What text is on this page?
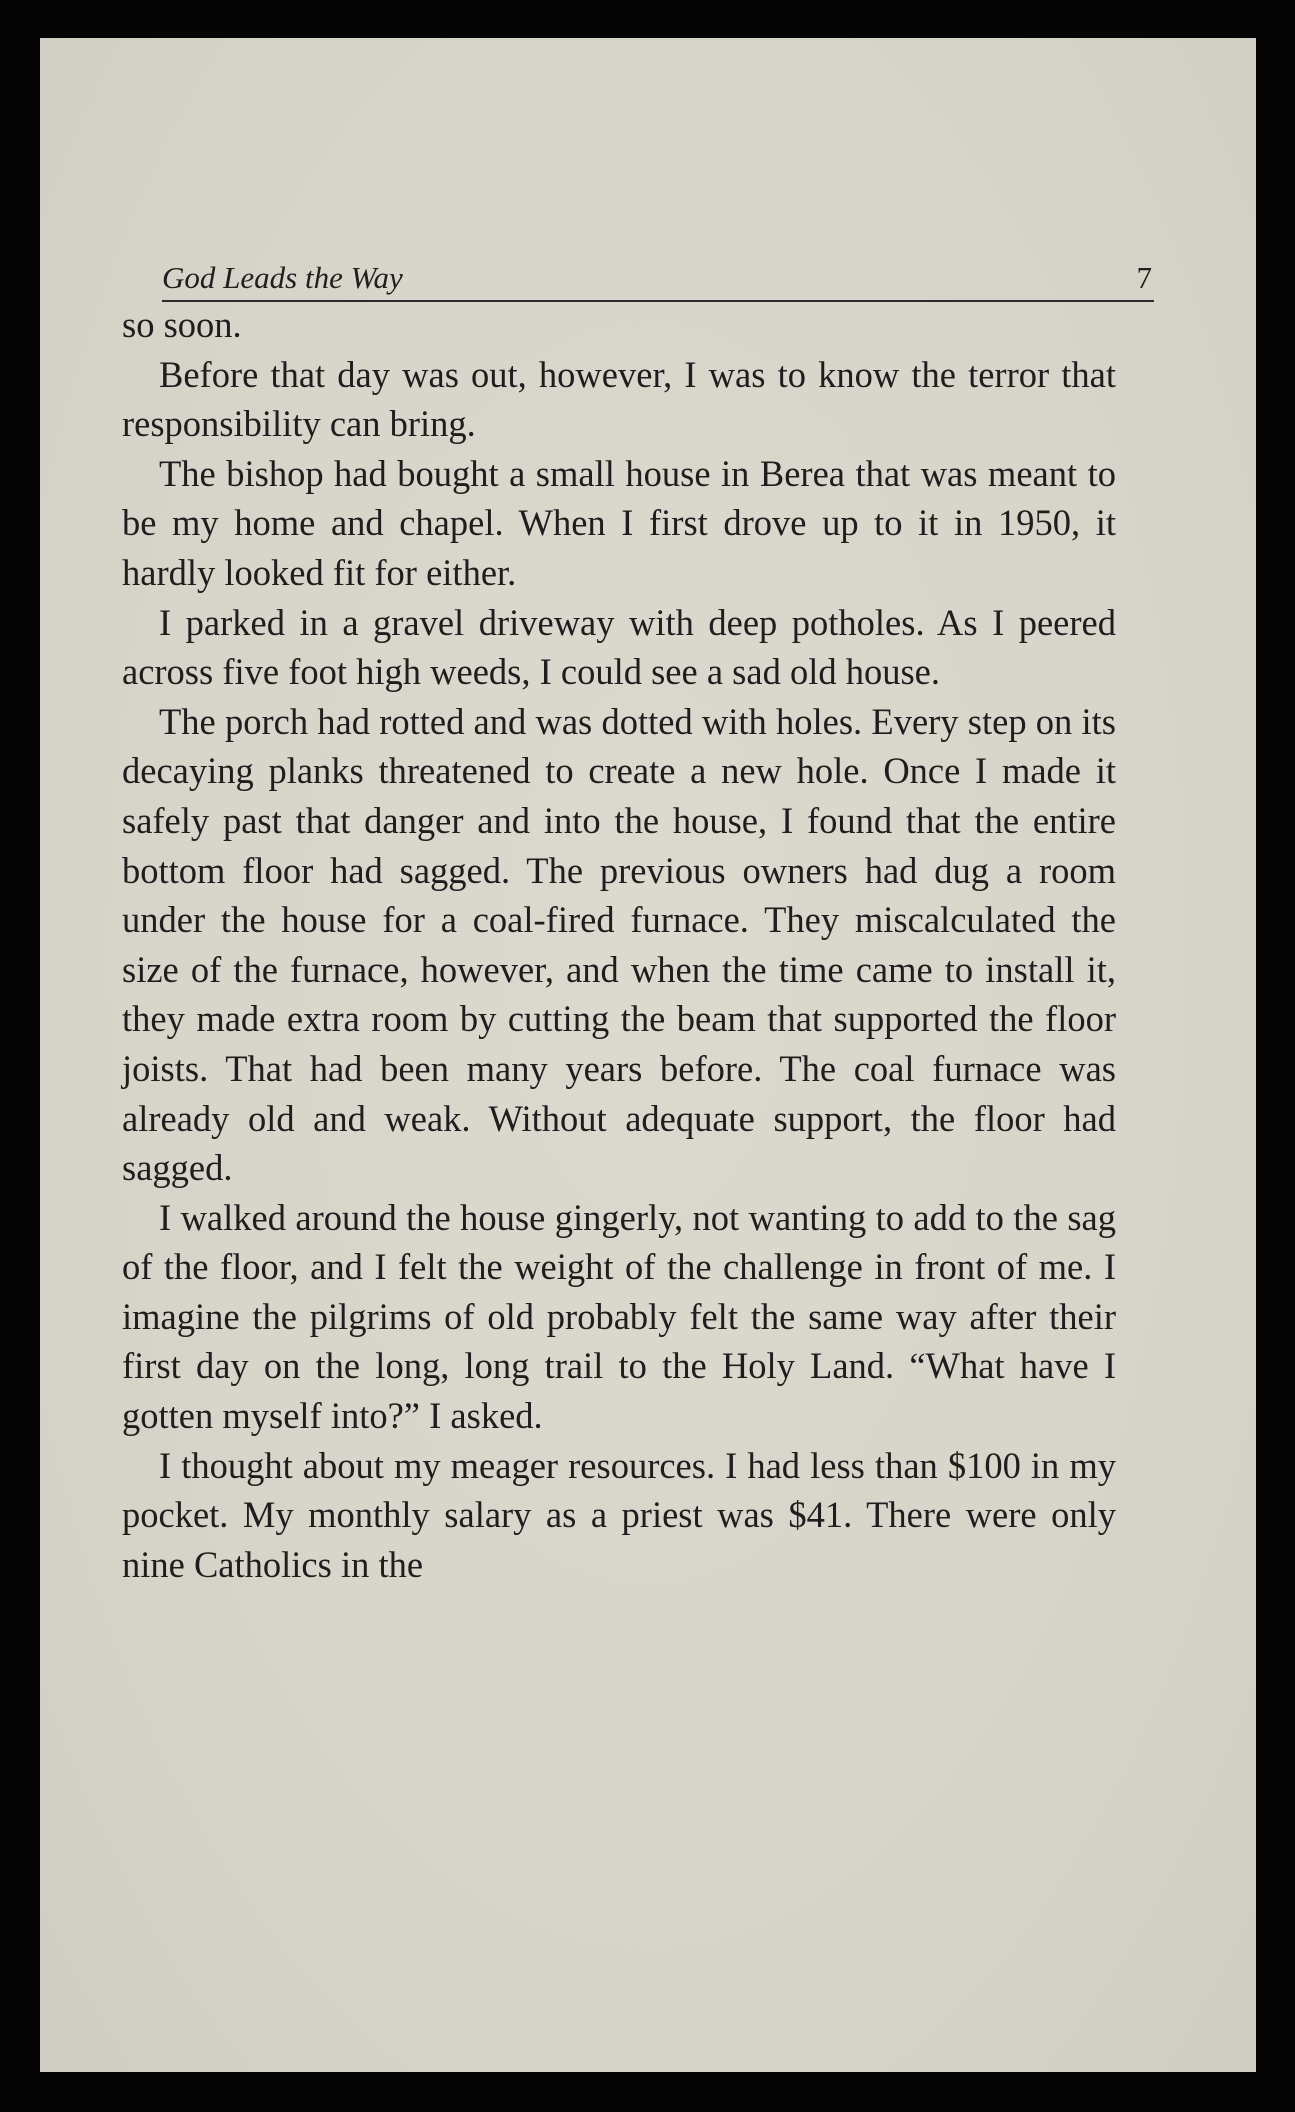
God Leads the Way	7

so soon.

Before that day was out, however, I was to know the terror that responsibility can bring.

The bishop had bought a small house in Berea that was meant to be my home and chapel. When I first drove up to it in 1950, it hardly looked fit for either.

I parked in a gravel driveway with deep potholes. As I peered across five foot high weeds, I could see a sad old house.

The porch had rotted and was dotted with holes. Every step on its decaying planks threatened to create a new hole. Once I made it safely past that danger and into the house, I found that the entire bottom floor had sagged. The previous owners had dug a room under the house for a coal-fired furnace. They miscalculated the size of the furnace, however, and when the time came to install it, they made extra room by cutting the beam that supported the floor joists. That had been many years before. The coal furnace was already old and weak. Without adequate support, the floor had sagged.

I walked around the house gingerly, not wanting to add to the sag of the floor, and I felt the weight of the challenge in front of me. I imagine the pilgrims of old probably felt the same way after their first day on the long, long trail to the Holy Land. “What have I gotten myself into?” I asked.

I thought about my meager resources. I had less than $100 in my pocket. My monthly salary as a priest was $41. There were only nine Catholics in the
